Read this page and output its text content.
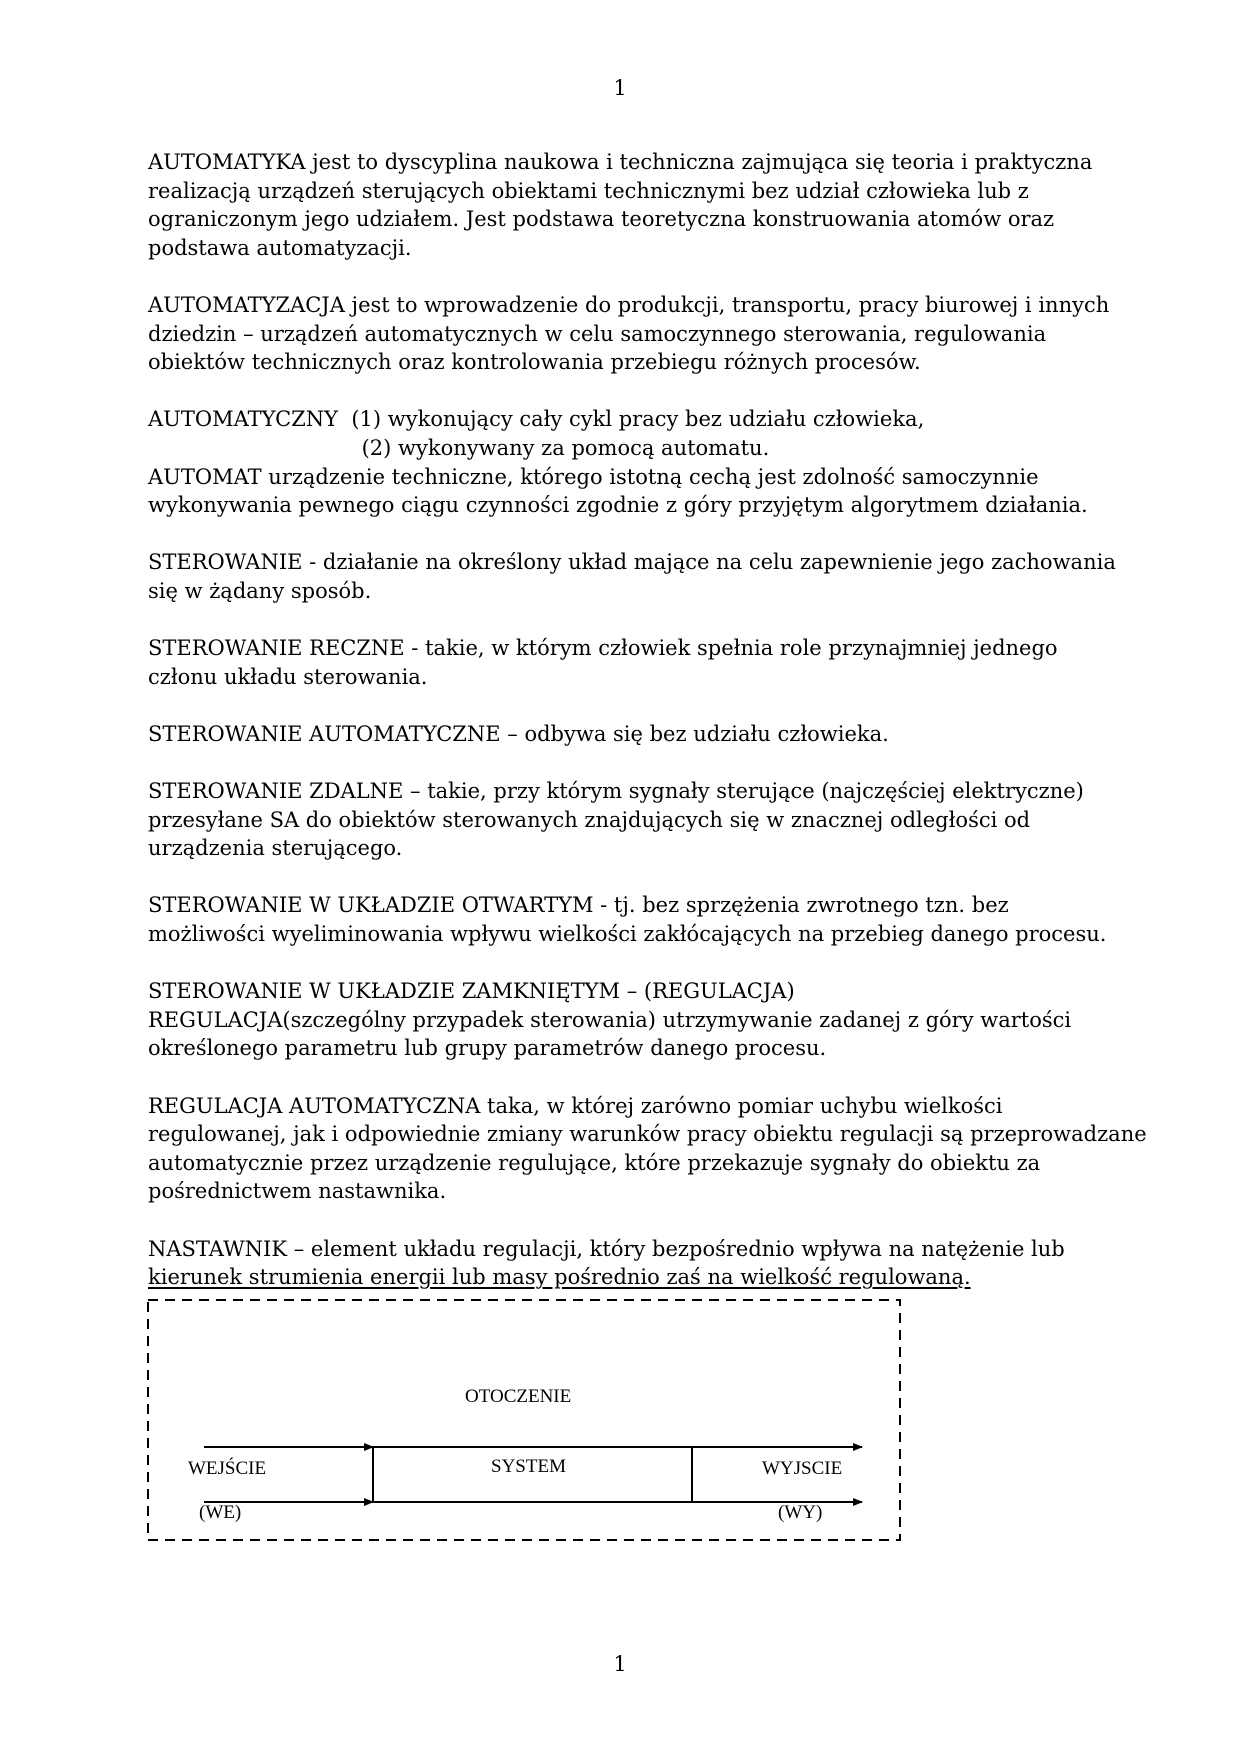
1
AUTOMATYKA jest to dyscyplina naukowa i techniczna zajmująca się teoria i praktyczna
realizacją urządzeń sterujących obiektami technicznymi bez udział człowieka lub z
ograniczonym jego udziałem. Jest podstawa teoretyczna konstruowania atomów oraz
podstawa automatyzacji.
AUTOMATYZACJA jest to wprowadzenie do produkcji, transportu, pracy biurowej i innych
dziedzin – urządzeń automatycznych w celu samoczynnego sterowania, regulowania
obiektów technicznych oraz kontrolowania przebiegu różnych procesów.
AUTOMATYCZNY  (1) wykonujący cały cykl pracy bez udziału człowieka,
(2) wykonywany za pomocą automatu.
AUTOMAT urządzenie techniczne, którego istotną cechą jest zdolność samoczynnie
wykonywania pewnego ciągu czynności zgodnie z góry przyjętym algorytmem działania.
STEROWANIE - działanie na określony układ mające na celu zapewnienie jego zachowania
się w żądany sposób.
STEROWANIE RECZNE - takie, w którym człowiek spełnia role przynajmniej jednego
członu układu sterowania.
STEROWANIE AUTOMATYCZNE – odbywa się bez udziału człowieka.
STEROWANIE ZDALNE – takie, przy którym sygnały sterujące (najczęściej elektryczne)
przesyłane SA do obiektów sterowanych znajdujących się w znacznej odległości od
urządzenia sterującego.
STEROWANIE W UKŁADZIE OTWARTYM - tj. bez sprzężenia zwrotnego tzn. bez
możliwości wyeliminowania wpływu wielkości zakłócających na przebieg danego procesu.
STEROWANIE W UKŁADZIE ZAMKNIĘTYM – (REGULACJA)
REGULACJA(szczególny przypadek sterowania) utrzymywanie zadanej z góry wartości
określonego parametru lub grupy parametrów danego procesu.
REGULACJA AUTOMATYCZNA taka, w której zarówno pomiar uchybu wielkości
regulowanej, jak i odpowiednie zmiany warunków pracy obiektu regulacji są przeprowadzane
automatycznie przez urządzenie regulujące, które przekazuje sygnały do obiektu za
pośrednictwem nastawnika.
NASTAWNIK – element układu regulacji, który bezpośrednio wpływa na natężenie lub
kierunek strumienia energii lub masy pośrednio zaś na wielkość regulowaną.
OTOCZENIE
SYSTEM
WEJŚCIE
(WE)
WYJSCIE
(WY)
1
